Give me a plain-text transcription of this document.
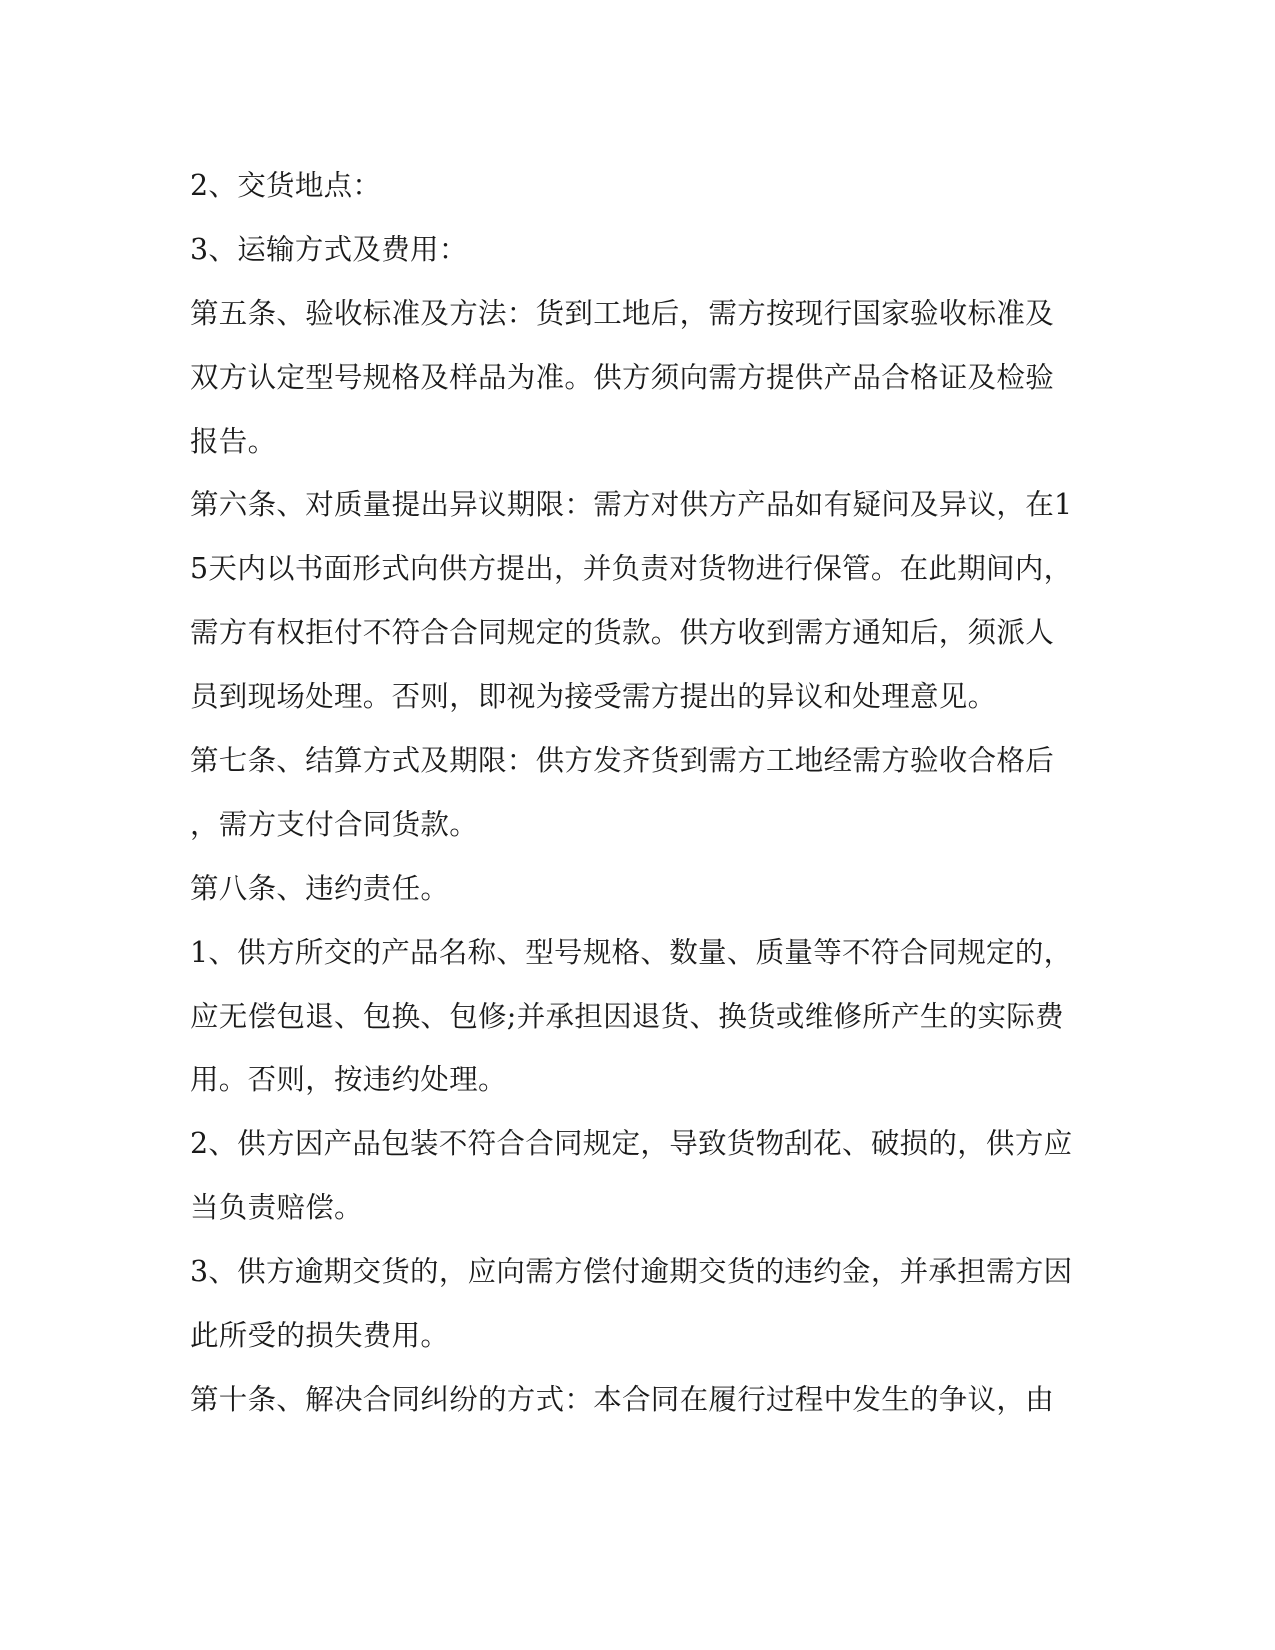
2、交货地点：
3、运输方式及费用：
第五条、验收标准及方法：货到工地后，需方按现行国家验收标准及
双方认定型号规格及样品为准。供方须向需方提供产品合格证及检验
报告。
第六条、对质量提出异议期限：需方对供方产品如有疑问及异议，在1
5天内以书面形式向供方提出，并负责对货物进行保管。在此期间内，
需方有权拒付不符合合同规定的货款。供方收到需方通知后，须派人
员到现场处理。否则，即视为接受需方提出的异议和处理意见。
第七条、结算方式及期限：供方发齐货到需方工地经需方验收合格后
，需方支付合同货款。
第八条、违约责任。
1、供方所交的产品名称、型号规格、数量、质量等不符合同规定的，
应无偿包退、包换、包修;并承担因退货、换货或维修所产生的实际费
用。否则，按违约处理。
2、供方因产品包装不符合合同规定，导致货物刮花、破损的，供方应
当负责赔偿。
3、供方逾期交货的，应向需方偿付逾期交货的违约金，并承担需方因
此所受的损失费用。
第十条、解决合同纠纷的方式：本合同在履行过程中发生的争议，由
